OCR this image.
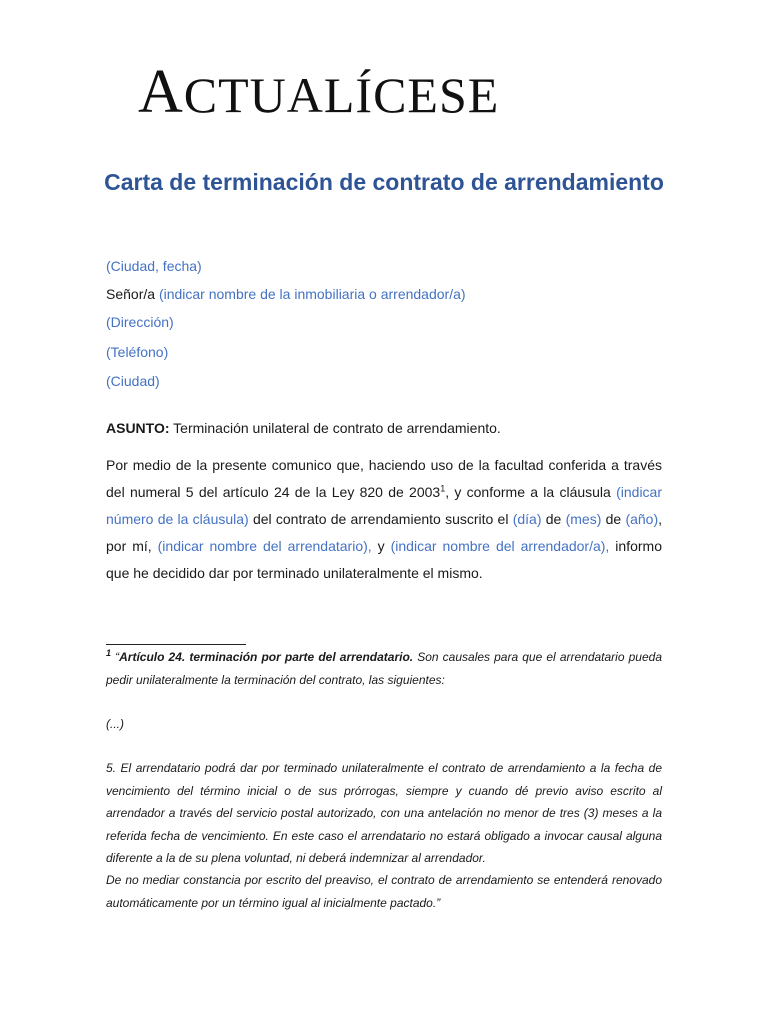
ACTUALÍCESE
Carta de terminación de contrato de arrendamiento
(Ciudad, fecha)
Señor/a (indicar nombre de la inmobiliaria o arrendador/a)
(Dirección)
(Teléfono)
(Ciudad)
ASUNTO: Terminación unilateral de contrato de arrendamiento.
Por medio de la presente comunico que, haciendo uso de la facultad conferida a través del numeral 5 del artículo 24 de la Ley 820 de 2003$^1$, y conforme a la cláusula (indicar número de la cláusula) del contrato de arrendamiento suscrito el (día) de (mes) de (año), por mí, (indicar nombre del arrendatario), y (indicar nombre del arrendador/a), informo que he decidido dar por terminado unilateralmente el mismo.
$^1$ “Artículo 24. terminación por parte del arrendatario. Son causales para que el arrendatario pueda pedir unilateralmente la terminación del contrato, las siguientes:
(...)
5. El arrendatario podrá dar por terminado unilateralmente el contrato de arrendamiento a la fecha de vencimiento del término inicial o de sus prórrogas, siempre y cuando dé previo aviso escrito al arrendador a través del servicio postal autorizado, con una antelación no menor de tres (3) meses a la referida fecha de vencimiento. En este caso el arrendatario no estará obligado a invocar causal alguna diferente a la de su plena voluntad, ni deberá indemnizar al arrendador.
De no mediar constancia por escrito del preaviso, el contrato de arrendamiento se entenderá renovado automáticamente por un término igual al inicialmente pactado.”
